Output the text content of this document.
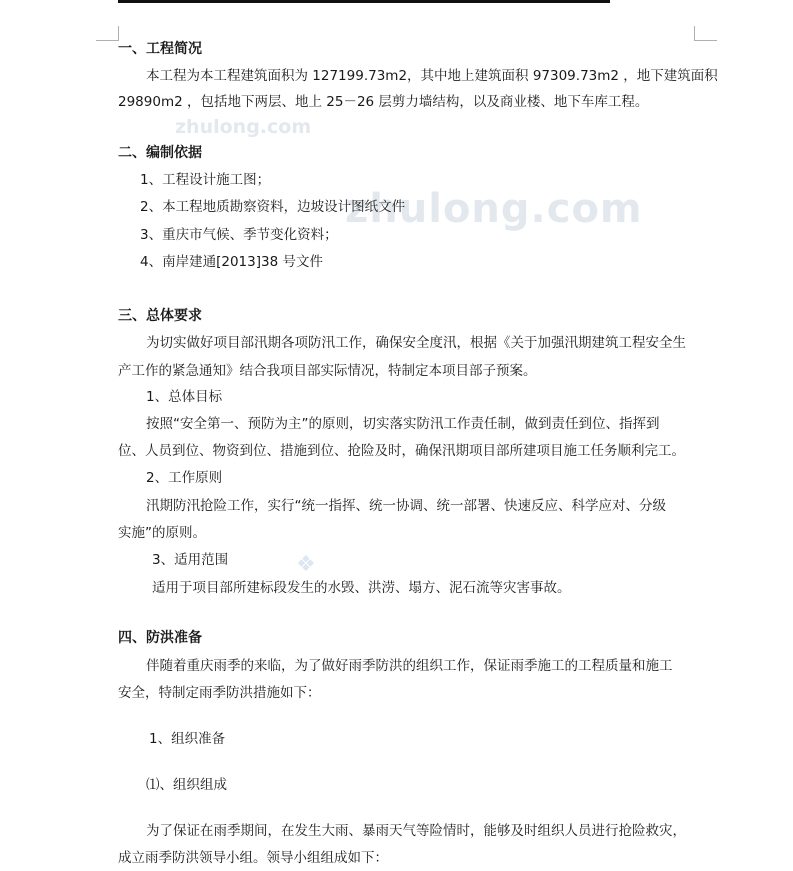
zhulong.com
zhulong.com
❖
一、工程简况
本工程为本工程建筑面积为 127199.73m2，其中地上建筑面积 97309.73m2 ，地下建筑面积
29890m2 ，包括地下两层、地上 25－26 层剪力墙结构，以及商业楼、地下车库工程。
二、编制依据
1、工程设计施工图；
2、本工程地质勘察资料，边坡设计图纸文件
3、重庆市气候、季节变化资料；
4、南岸建通[2013]38 号文件
三、总体要求
为切实做好项目部汛期各项防汛工作，确保安全度汛，根据《关于加强汛期建筑工程安全生
产工作的紧急通知》结合我项目部实际情况，特制定本项目部子预案。
1、总体目标
按照“安全第一、预防为主”的原则，切实落实防汛工作责任制，做到责任到位、指挥到
位、人员到位、物资到位、措施到位、抢险及时，确保汛期项目部所建项目施工任务顺利完工。
2、工作原则
汛期防汛抢险工作，实行“统一指挥、统一协调、统一部署、快速反应、科学应对、分级
实施”的原则。
3、适用范围
适用于项目部所建标段发生的水毁、洪涝、塌方、泥石流等灾害事故。
四、防洪准备
伴随着重庆雨季的来临，为了做好雨季防洪的组织工作，保证雨季施工的工程质量和施工
安全，特制定雨季防洪措施如下：
1、组织准备
⑴、组织组成
为了保证在雨季期间，在发生大雨、暴雨天气等险情时，能够及时组织人员进行抢险救灾，
成立雨季防洪领导小组。领导小组组成如下：
